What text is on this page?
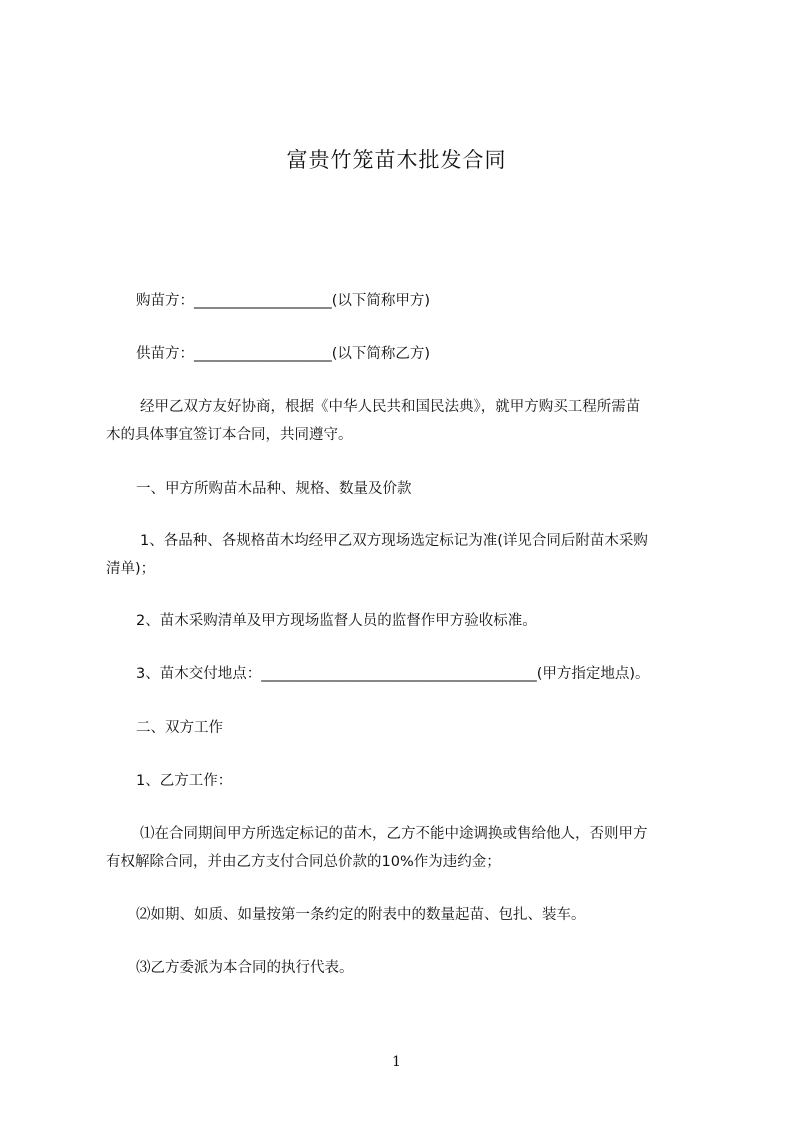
富贵竹笼苗木批发合同
购苗方：___________________(以下简称甲方)
供苗方：___________________(以下简称乙方)
经甲乙双方友好协商，根据《中华人民共和国民法典》，就甲方购买工程所需苗
木的具体事宜签订本合同，共同遵守。
一、甲方所购苗木品种、规格、数量及价款
1、各品种、各规格苗木均经甲乙双方现场选定标记为准(详见合同后附苗木采购
清单)；
2、苗木采购清单及甲方现场监督人员的监督作甲方验收标准。
3、苗木交付地点：______________________________________(甲方指定地点)。
二、双方工作
1、乙方工作：
⑴在合同期间甲方所选定标记的苗木，乙方不能中途调换或售给他人，否则甲方
有权解除合同，并由乙方支付合同总价款的10%作为违约金；
⑵如期、如质、如量按第一条约定的附表中的数量起苗、包扎、装车。
⑶乙方委派为本合同的执行代表。
1
